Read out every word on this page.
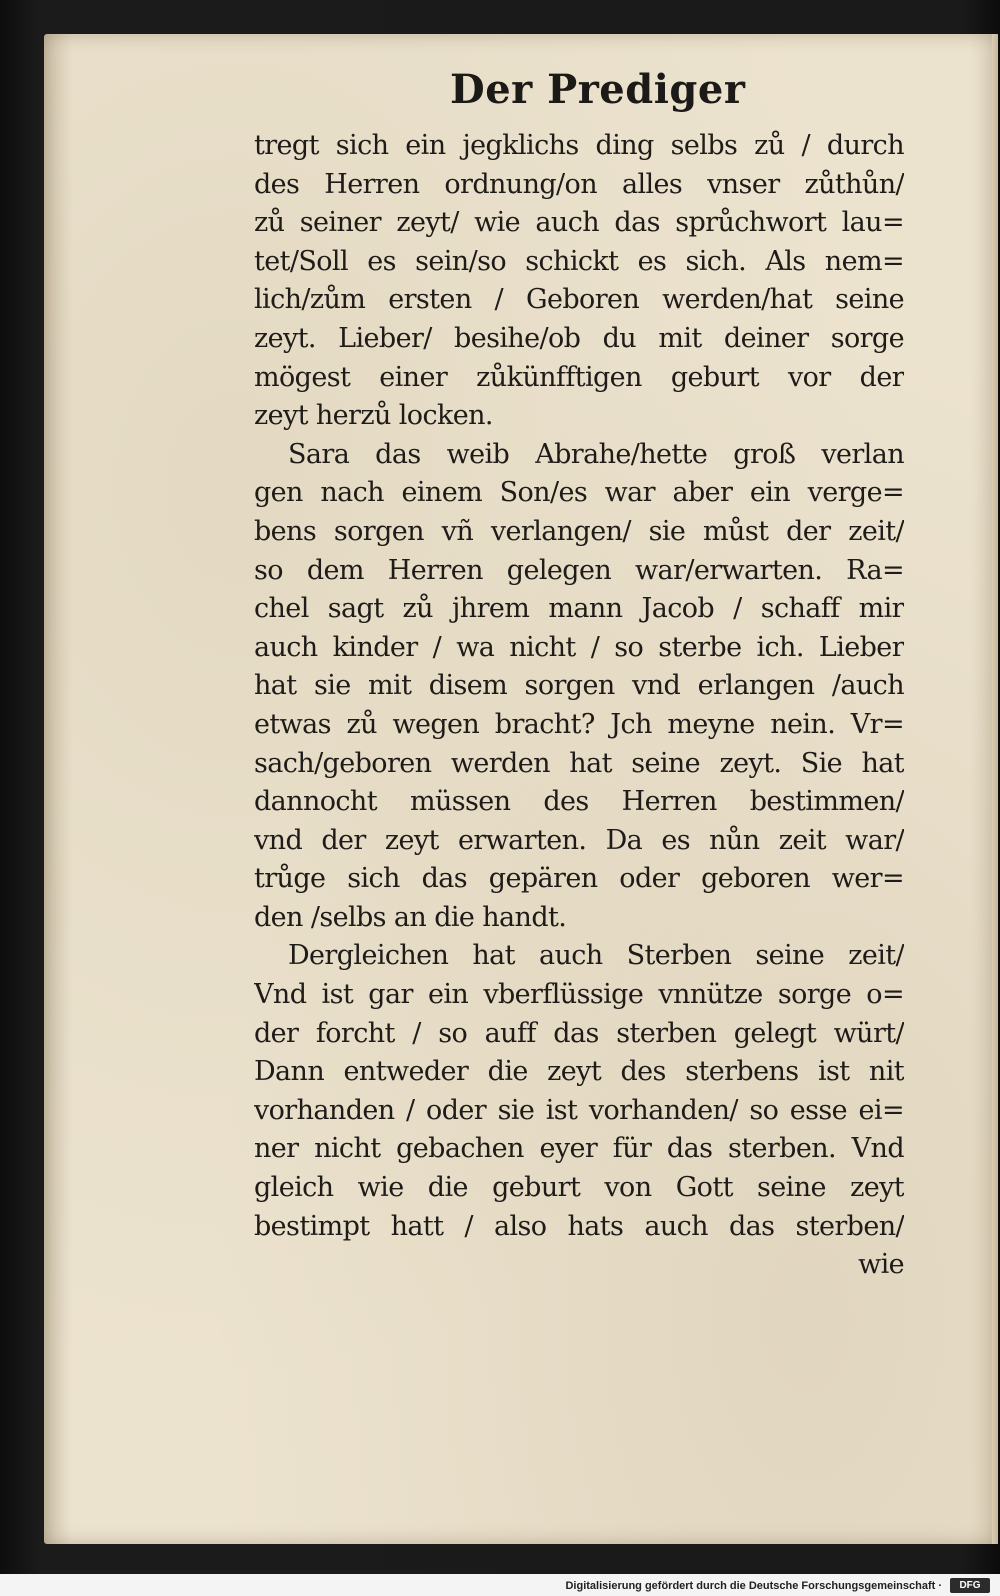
Der Prediger
tregt sich ein jegklichs ding selbs zů / durch
des Herren ordnung/on alles vnser zůthůn/
zů seiner zeyt/ wie auch das sprůchwort lau=
tet/Soll es sein/so schickt es sich. Als nem=
lich/zům ersten / Geboren werden/hat seine
zeyt. Lieber/ besihe/ob du mit deiner sorge
mögest einer zůkünfftigen geburt vor der
zeyt herzů locken.
Sara das weib Abrahe/hette groß verlan
gen nach einem Son/es war aber ein verge=
bens sorgen vñ verlangen/ sie můst der zeit/
so dem Herren gelegen war/erwarten. Ra=
chel sagt zů jhrem mann Jacob / schaff mir
auch kinder / wa nicht / so sterbe ich. Lieber
hat sie mit disem sorgen vnd erlangen /auch
etwas zů wegen bracht? Jch meyne nein. Vr=
sach/geboren werden hat seine zeyt. Sie hat
dannocht müssen des Herren bestimmen/
vnd der zeyt erwarten. Da es nůn zeit war/
trůge sich das gepären oder geboren wer=
den /selbs an die handt.
Dergleichen hat auch Sterben seine zeit/
Vnd ist gar ein vberflüssige vnnütze sorge o=
der forcht / so auff das sterben gelegt würt/
Dann entweder die zeyt des sterbens ist nit
vorhanden / oder sie ist vorhanden/ so esse ei=
ner nicht gebachen eyer für das sterben. Vnd
gleich wie die geburt von Gott seine zeyt
bestimpt hatt / also hats auch das sterben/
wie
Digitalisierung gefördert durch die Deutsche Forschungsgemeinschaft ·	DFG
